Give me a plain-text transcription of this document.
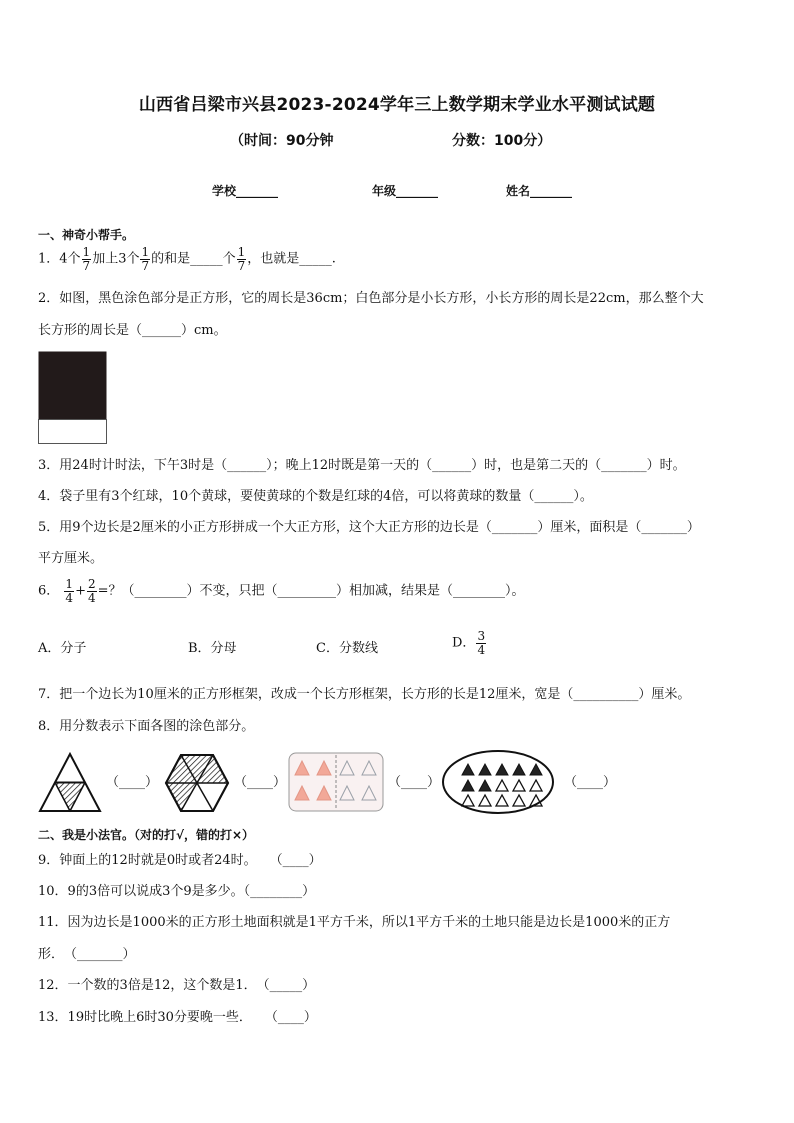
山西省吕梁市兴县2023-2024学年三上数学期末学业水平测试试题
（时间：90分钟	分数：100分）
学校_______	年级_______	姓名_______
一、神奇小帮手。
1．4个 $\frac{1}{7}$ 加上3个 $\frac{1}{7}$ 的和是_____个 $\frac{1}{7}$ ，也就是_____.
2．如图，黑色涂色部分是正方形，它的周长是36cm；白色部分是小长方形，小长方形的周长是22cm，那么整个大
长方形的周长是（______）cm。
3．用24时计时法，下午3时是（______）；晚上12时既是第一天的（______）时，也是第二天的（_______）时。
4．袋子里有3个红球，10个黄球，要使黄球的个数是红球的4倍，可以将黄球的数量（______）。
5．用9个边长是2厘米的小正方形拼成一个大正方形，这个大正方形的边长是（_______）厘米，面积是（_______）
平方厘米。
6． $\frac{1}{4} + \frac{2}{4}$ =？（________）不变，只把（_________）相加减，结果是（________）。
A．分子	B．分母	C．分数线	D． $\frac{3}{4}$
7．把一个边长为10厘米的正方形框架，改成一个长方形框架，长方形的长是12厘米，宽是（__________）厘米。
8．用分数表示下面各图的涂色部分。
（____）	（____）	（____）	（____）
二、我是小法官。（对的打√，错的打×）
9．钟面上的12时就是0时或者24时。　　（____）
10．9的3倍可以说成3个9是多少。（________）
11．因为边长是1000米的正方形土地面积就是1平方千米，所以1平方千米的土地只能是边长是1000米的正方
形．　（_______）
12．一个数的3倍是12，这个数是1．　（_____）
13．19时比晚上6时30分要晚一些．　　（____）
